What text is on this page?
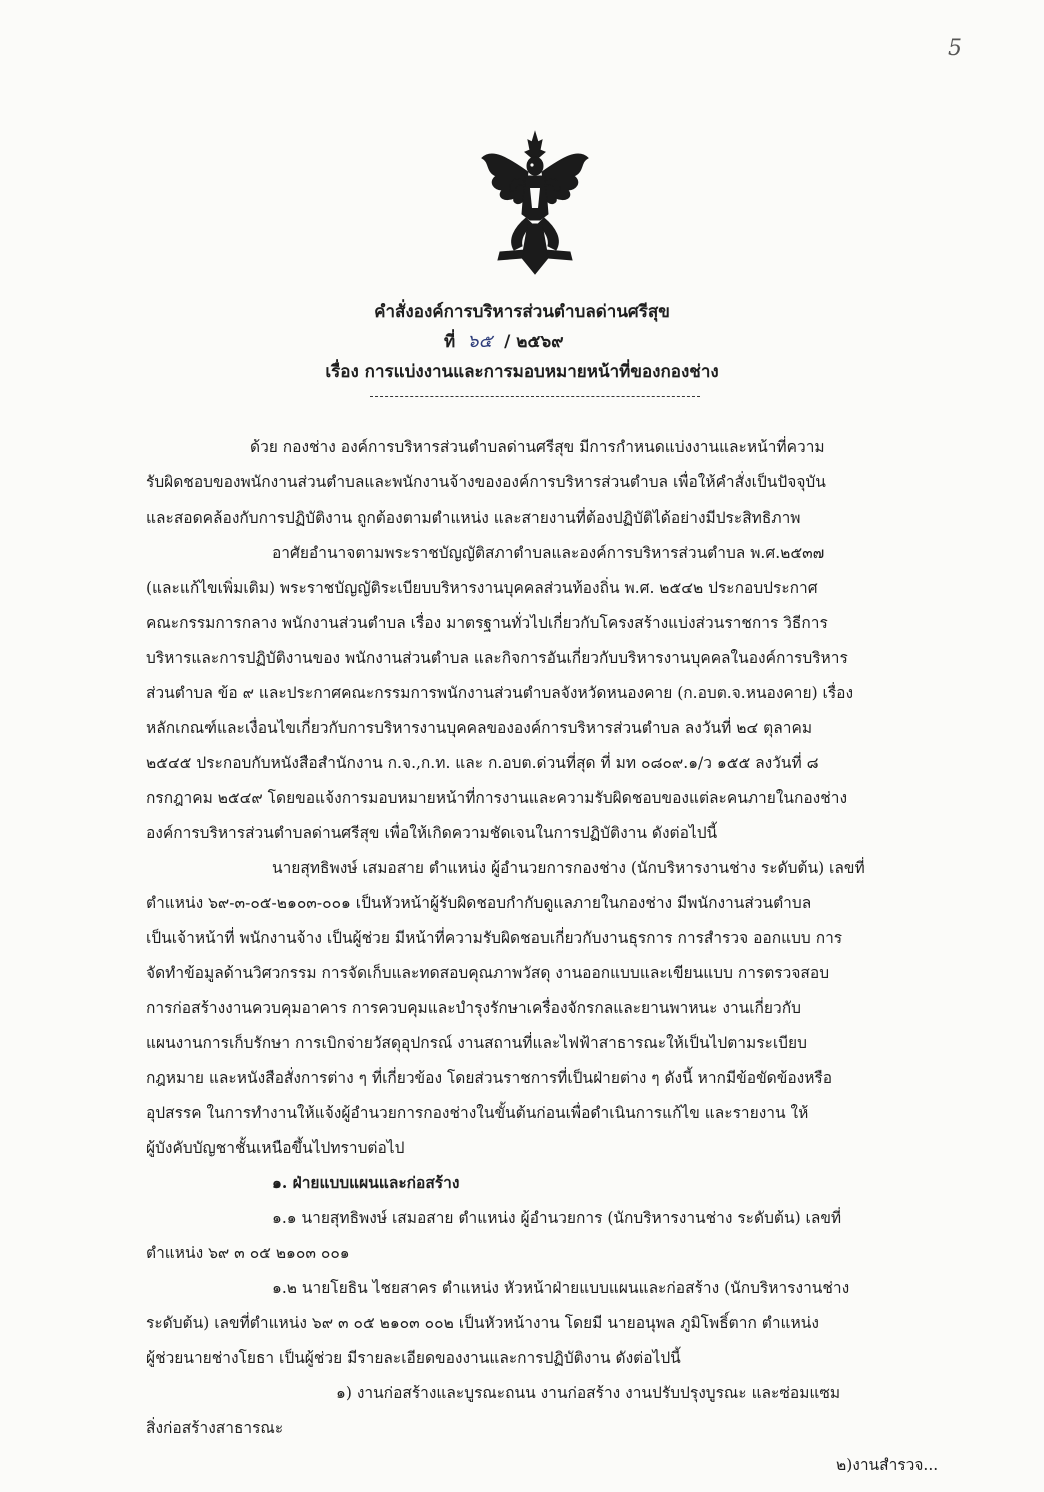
5
คำสั่งองค์การบริหารส่วนตำบลด่านศรีสุข
ที่ ๖๕ / ๒๕๖๙
เรื่อง การแบ่งงานและการมอบหมายหน้าที่ของกองช่าง
ด้วย กองช่าง องค์การบริหารส่วนตำบลด่านศรีสุข มีการกำหนดแบ่งงานและหน้าที่ความ
รับผิดชอบของพนักงานส่วนตำบลและพนักงานจ้างขององค์การบริหารส่วนตำบล เพื่อให้คำสั่งเป็นปัจจุบัน
และสอดคล้องกับการปฏิบัติงาน ถูกต้องตามตำแหน่ง และสายงานที่ต้องปฏิบัติได้อย่างมีประสิทธิภาพ
อาศัยอำนาจตามพระราชบัญญัติสภาตำบลและองค์การบริหารส่วนตำบล พ.ศ.๒๕๓๗
(และแก้ไขเพิ่มเติม) พระราชบัญญัติระเบียบบริหารงานบุคคลส่วนท้องถิ่น พ.ศ. ๒๕๔๒ ประกอบประกาศ
คณะกรรมการกลาง พนักงานส่วนตำบล เรื่อง มาตรฐานทั่วไปเกี่ยวกับโครงสร้างแบ่งส่วนราชการ วิธีการ
บริหารและการปฏิบัติงานของ พนักงานส่วนตำบล และกิจการอันเกี่ยวกับบริหารงานบุคคลในองค์การบริหาร
ส่วนตำบล ข้อ ๙ และประกาศคณะกรรมการพนักงานส่วนตำบลจังหวัดหนองคาย (ก.อบต.จ.หนองคาย) เรื่อง
หลักเกณฑ์และเงื่อนไขเกี่ยวกับการบริหารงานบุคคลขององค์การบริหารส่วนตำบล ลงวันที่ ๒๔ ตุลาคม
๒๕๔๕ ประกอบกับหนังสือสำนักงาน ก.จ.,ก.ท. และ ก.อบต.ด่วนที่สุด ที่ มท ๐๘๐๙.๑/ว ๑๕๕ ลงวันที่ ๘
กรกฎาคม ๒๕๔๙ โดยขอแจ้งการมอบหมายหน้าที่การงานและความรับผิดชอบของแต่ละคนภายในกองช่าง
องค์การบริหารส่วนตำบลด่านศรีสุข เพื่อให้เกิดความชัดเจนในการปฏิบัติงาน ดังต่อไปนี้
นายสุทธิพงษ์ เสมอสาย ตำแหน่ง ผู้อำนวยการกองช่าง (นักบริหารงานช่าง ระดับต้น) เลขที่
ตำแหน่ง ๖๙-๓-๐๕-๒๑๐๓-๐๐๑ เป็นหัวหน้าผู้รับผิดชอบกำกับดูแลภายในกองช่าง มีพนักงานส่วนตำบล
เป็นเจ้าหน้าที่ พนักงานจ้าง เป็นผู้ช่วย มีหน้าที่ความรับผิดชอบเกี่ยวกับงานธุรการ การสำรวจ ออกแบบ การ
จัดทำข้อมูลด้านวิศวกรรม การจัดเก็บและทดสอบคุณภาพวัสดุ งานออกแบบและเขียนแบบ การตรวจสอบ
การก่อสร้างงานควบคุมอาคาร การควบคุมและบำรุงรักษาเครื่องจักรกลและยานพาหนะ งานเกี่ยวกับ
แผนงานการเก็บรักษา การเบิกจ่ายวัสดุอุปกรณ์ งานสถานที่และไฟฟ้าสาธารณะให้เป็นไปตามระเบียบ
กฎหมาย และหนังสือสั่งการต่าง ๆ ที่เกี่ยวข้อง โดยส่วนราชการที่เป็นฝ่ายต่าง ๆ ดังนี้ หากมีข้อขัดข้องหรือ
อุปสรรค ในการทำงานให้แจ้งผู้อำนวยการกองช่างในขั้นต้นก่อนเพื่อดำเนินการแก้ไข และรายงาน ให้
ผู้บังคับบัญชาชั้นเหนือขึ้นไปทราบต่อไป
๑. ฝ่ายแบบแผนและก่อสร้าง
๑.๑ นายสุทธิพงษ์ เสมอสาย ตำแหน่ง ผู้อำนวยการ (นักบริหารงานช่าง ระดับต้น) เลขที่
ตำแหน่ง ๖๙ ๓ ๐๕ ๒๑๐๓ ๐๐๑
๑.๒ นายโยธิน ไชยสาคร ตำแหน่ง หัวหน้าฝ่ายแบบแผนและก่อสร้าง (นักบริหารงานช่าง
ระดับต้น) เลขที่ตำแหน่ง ๖๙ ๓ ๐๕ ๒๑๐๓ ๐๐๒ เป็นหัวหน้างาน โดยมี นายอนุพล ภูมิโพธิ์ตาก ตำแหน่ง
ผู้ช่วยนายช่างโยธา เป็นผู้ช่วย มีรายละเอียดของงานและการปฏิบัติงาน ดังต่อไปนี้
๑) งานก่อสร้างและบูรณะถนน งานก่อสร้าง งานปรับปรุงบูรณะ และซ่อมแซม
สิ่งก่อสร้างสาธารณะ
๒)งานสำรวจ...
